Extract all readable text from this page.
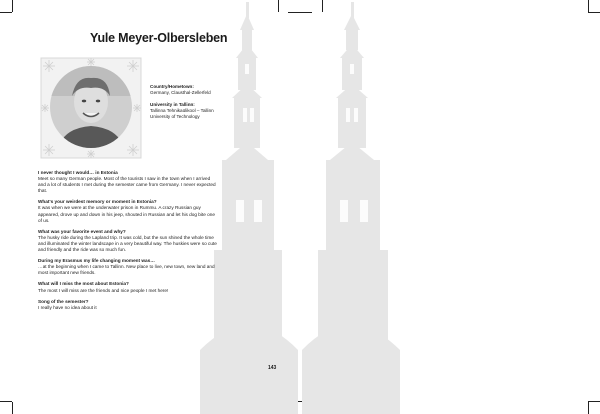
Yule Meyer-Olbersleben
Country/Hometown:
Germany, Clausthal-Zellerfeld
University in Tallinn:
Tallinna Tehnikaülikool – Tallinn
University of Technology
I never thought I would… in Estonia
Meet so many German people. Most of the tourists I saw in the town when I arrived and a lot of students I met during the semester came from Germany. I never expected that.
What's your weirdest memory or moment in Estonia?
It was when we were at the underwater prison in Rummu. A crazy Russian guy appeared, drove up and down in his jeep, shouted in Russian and let his dog bite one of us.
What was your favorite event and why?
The husky ride during the Lapland trip. It was cold, but the sun shined the whole time and illuminated the winter landscape in a very beautiful way. The huskies were so cute and friendly and the ride was so much fun.
During my Erasmus my life changing moment was…
…at the beginning when I came to Tallinn. New place to live, new town, new land and most important new friends.
What will I miss the most about Estonia?
The most I will miss are the friends and nice people I met here!
Song of the semester?
I really have no idea about it
143
